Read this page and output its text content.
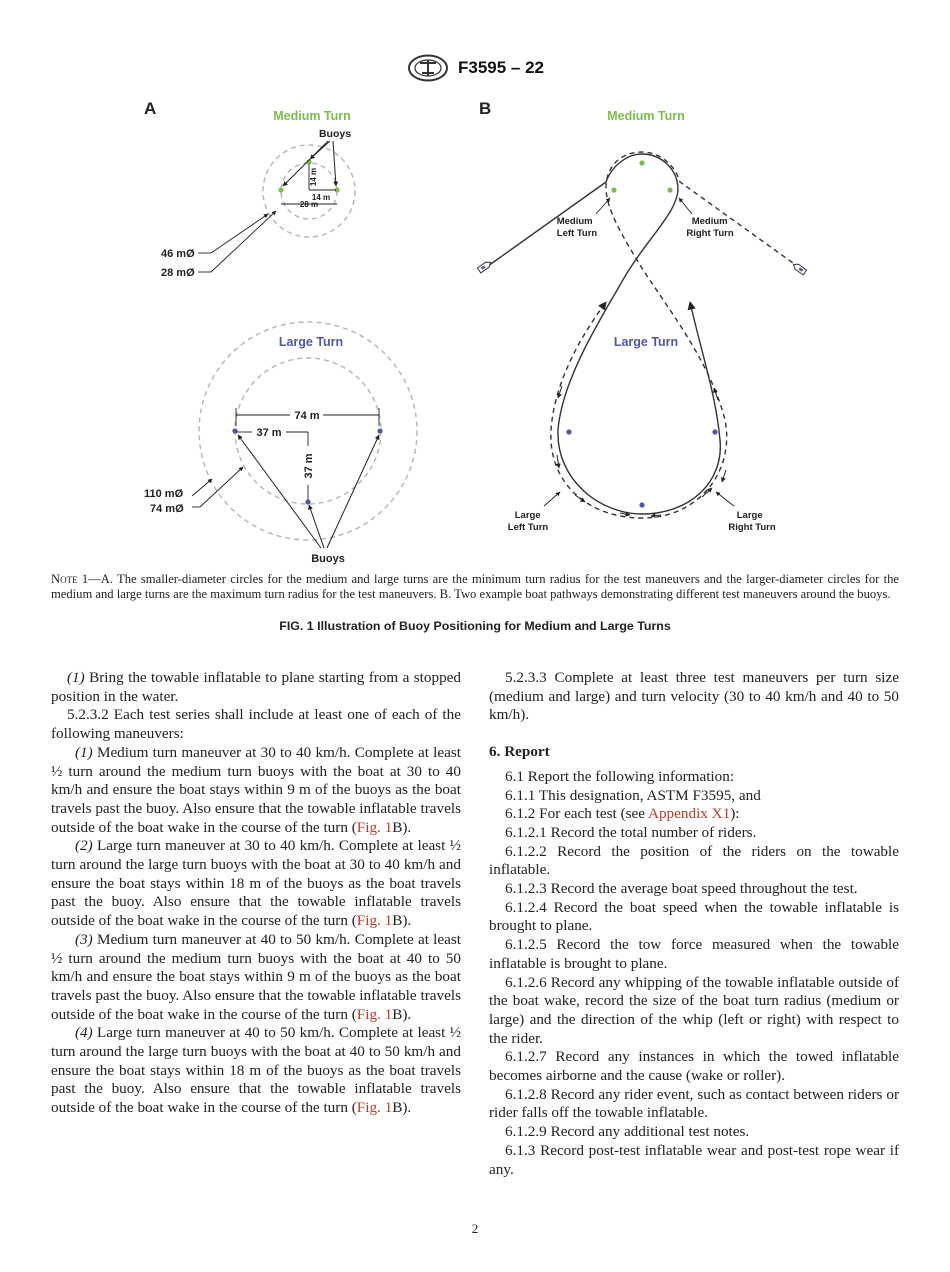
F3595 – 22
A	B
Medium Turn
Buoys
14 m
14 m
28 m
46 mØ
28 mØ
Large Turn
74 m
37 m
37 m
110 mØ
74 mØ
Buoys
Medium Turn
Large Turn
Medium Left Turn
Medium Right Turn
Large Left Turn
Large Right Turn
Note 1—A. The smaller-diameter circles for the medium and large turns are the minimum turn radius for the test maneuvers and the larger-diameter circles for the medium and large turns are the maximum turn radius for the test maneuvers. B. Two example boat pathways demonstrating different test maneuvers around the buoys.
FIG. 1 Illustration of Buoy Positioning for Medium and Large Turns

(1) Bring the towable inflatable to plane starting from a stopped position in the water.

5.2.3.2 Each test series shall include at least one of each of the following maneuvers:

(1) Medium turn maneuver at 30 to 40 km/h. Complete at least ½ turn around the medium turn buoys with the boat at 30 to 40 km/h and ensure the boat stays within 9 m of the buoys as the boat travels past the buoy. Also ensure that the towable inflatable travels outside of the boat wake in the course of the turn (Fig. 1B).

(2) Large turn maneuver at 30 to 40 km/h. Complete at least ½ turn around the large turn buoys with the boat at 30 to 40 km/h and ensure the boat stays within 18 m of the buoys as the boat travels past the buoy. Also ensure that the towable inflatable travels outside of the boat wake in the course of the turn (Fig. 1B).

(3) Medium turn maneuver at 40 to 50 km/h. Complete at least ½ turn around the medium turn buoys with the boat at 40 to 50 km/h and ensure the boat stays within 9 m of the buoys as the boat travels past the buoy. Also ensure that the towable inflatable travels outside of the boat wake in the course of the turn (Fig. 1B).

(4) Large turn maneuver at 40 to 50 km/h. Complete at least ½ turn around the large turn buoys with the boat at 40 to 50 km/h and ensure the boat stays within 18 m of the buoys as the boat travels past the buoy. Also ensure that the towable inflatable travels outside of the boat wake in the course of the turn (Fig. 1B).

5.2.3.3 Complete at least three test maneuvers per turn size (medium and large) and turn velocity (30 to 40 km/h and 40 to 50 km/h).

6. Report

6.1 Report the following information:

6.1.1 This designation, ASTM F3595, and

6.1.2 For each test (see Appendix X1):

6.1.2.1 Record the total number of riders.

6.1.2.2 Record the position of the riders on the towable inflatable.

6.1.2.3 Record the average boat speed throughout the test.

6.1.2.4 Record the boat speed when the towable inflatable is brought to plane.

6.1.2.5 Record the tow force measured when the towable inflatable is brought to plane.

6.1.2.6 Record any whipping of the towable inflatable outside of the boat wake, record the size of the boat turn radius (medium or large) and the direction of the whip (left or right) with respect to the rider.

6.1.2.7 Record any instances in which the towed inflatable becomes airborne and the cause (wake or roller).

6.1.2.8 Record any rider event, such as contact between riders or rider falls off the towable inflatable.

6.1.2.9 Record any additional test notes.

6.1.3 Record post-test inflatable wear and post-test rope wear if any.

2
